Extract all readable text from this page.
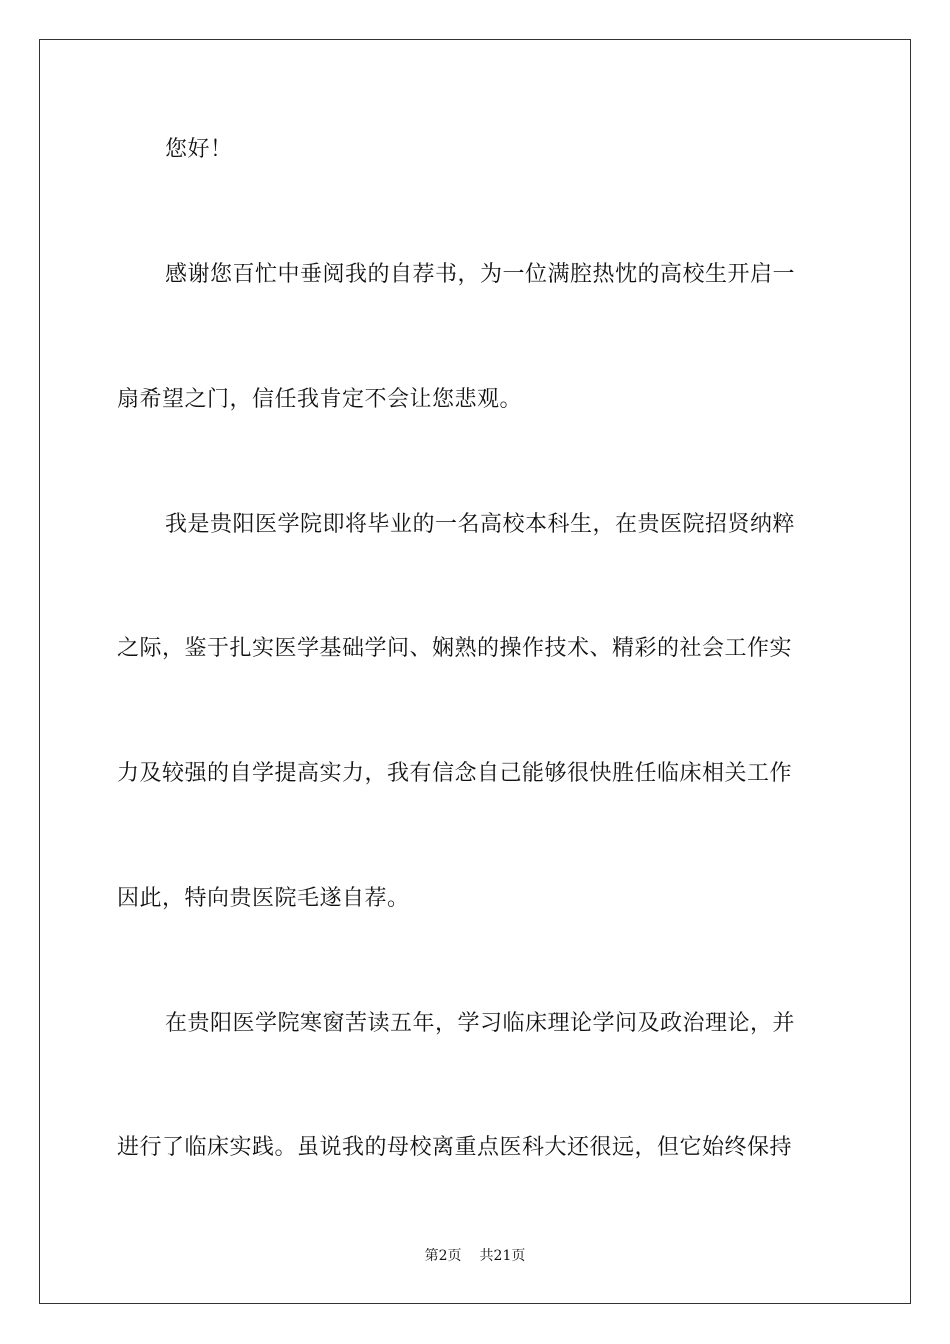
您好！
感谢您百忙中垂阅我的自荐书，为一位满腔热忱的高校生开启一
扇希望之门，信任我肯定不会让您悲观。
我是贵阳医学院即将毕业的一名高校本科生，在贵医院招贤纳粹
之际，鉴于扎实医学基础学问、娴熟的操作技术、精彩的社会工作实
力及较强的自学提高实力，我有信念自己能够很快胜任临床相关工作
因此，特向贵医院毛遂自荐。
在贵阳医学院寒窗苦读五年，学习临床理论学问及政治理论，并
进行了临床实践。虽说我的母校离重点医科大还很远，但它始终保持
第2页 共21页
